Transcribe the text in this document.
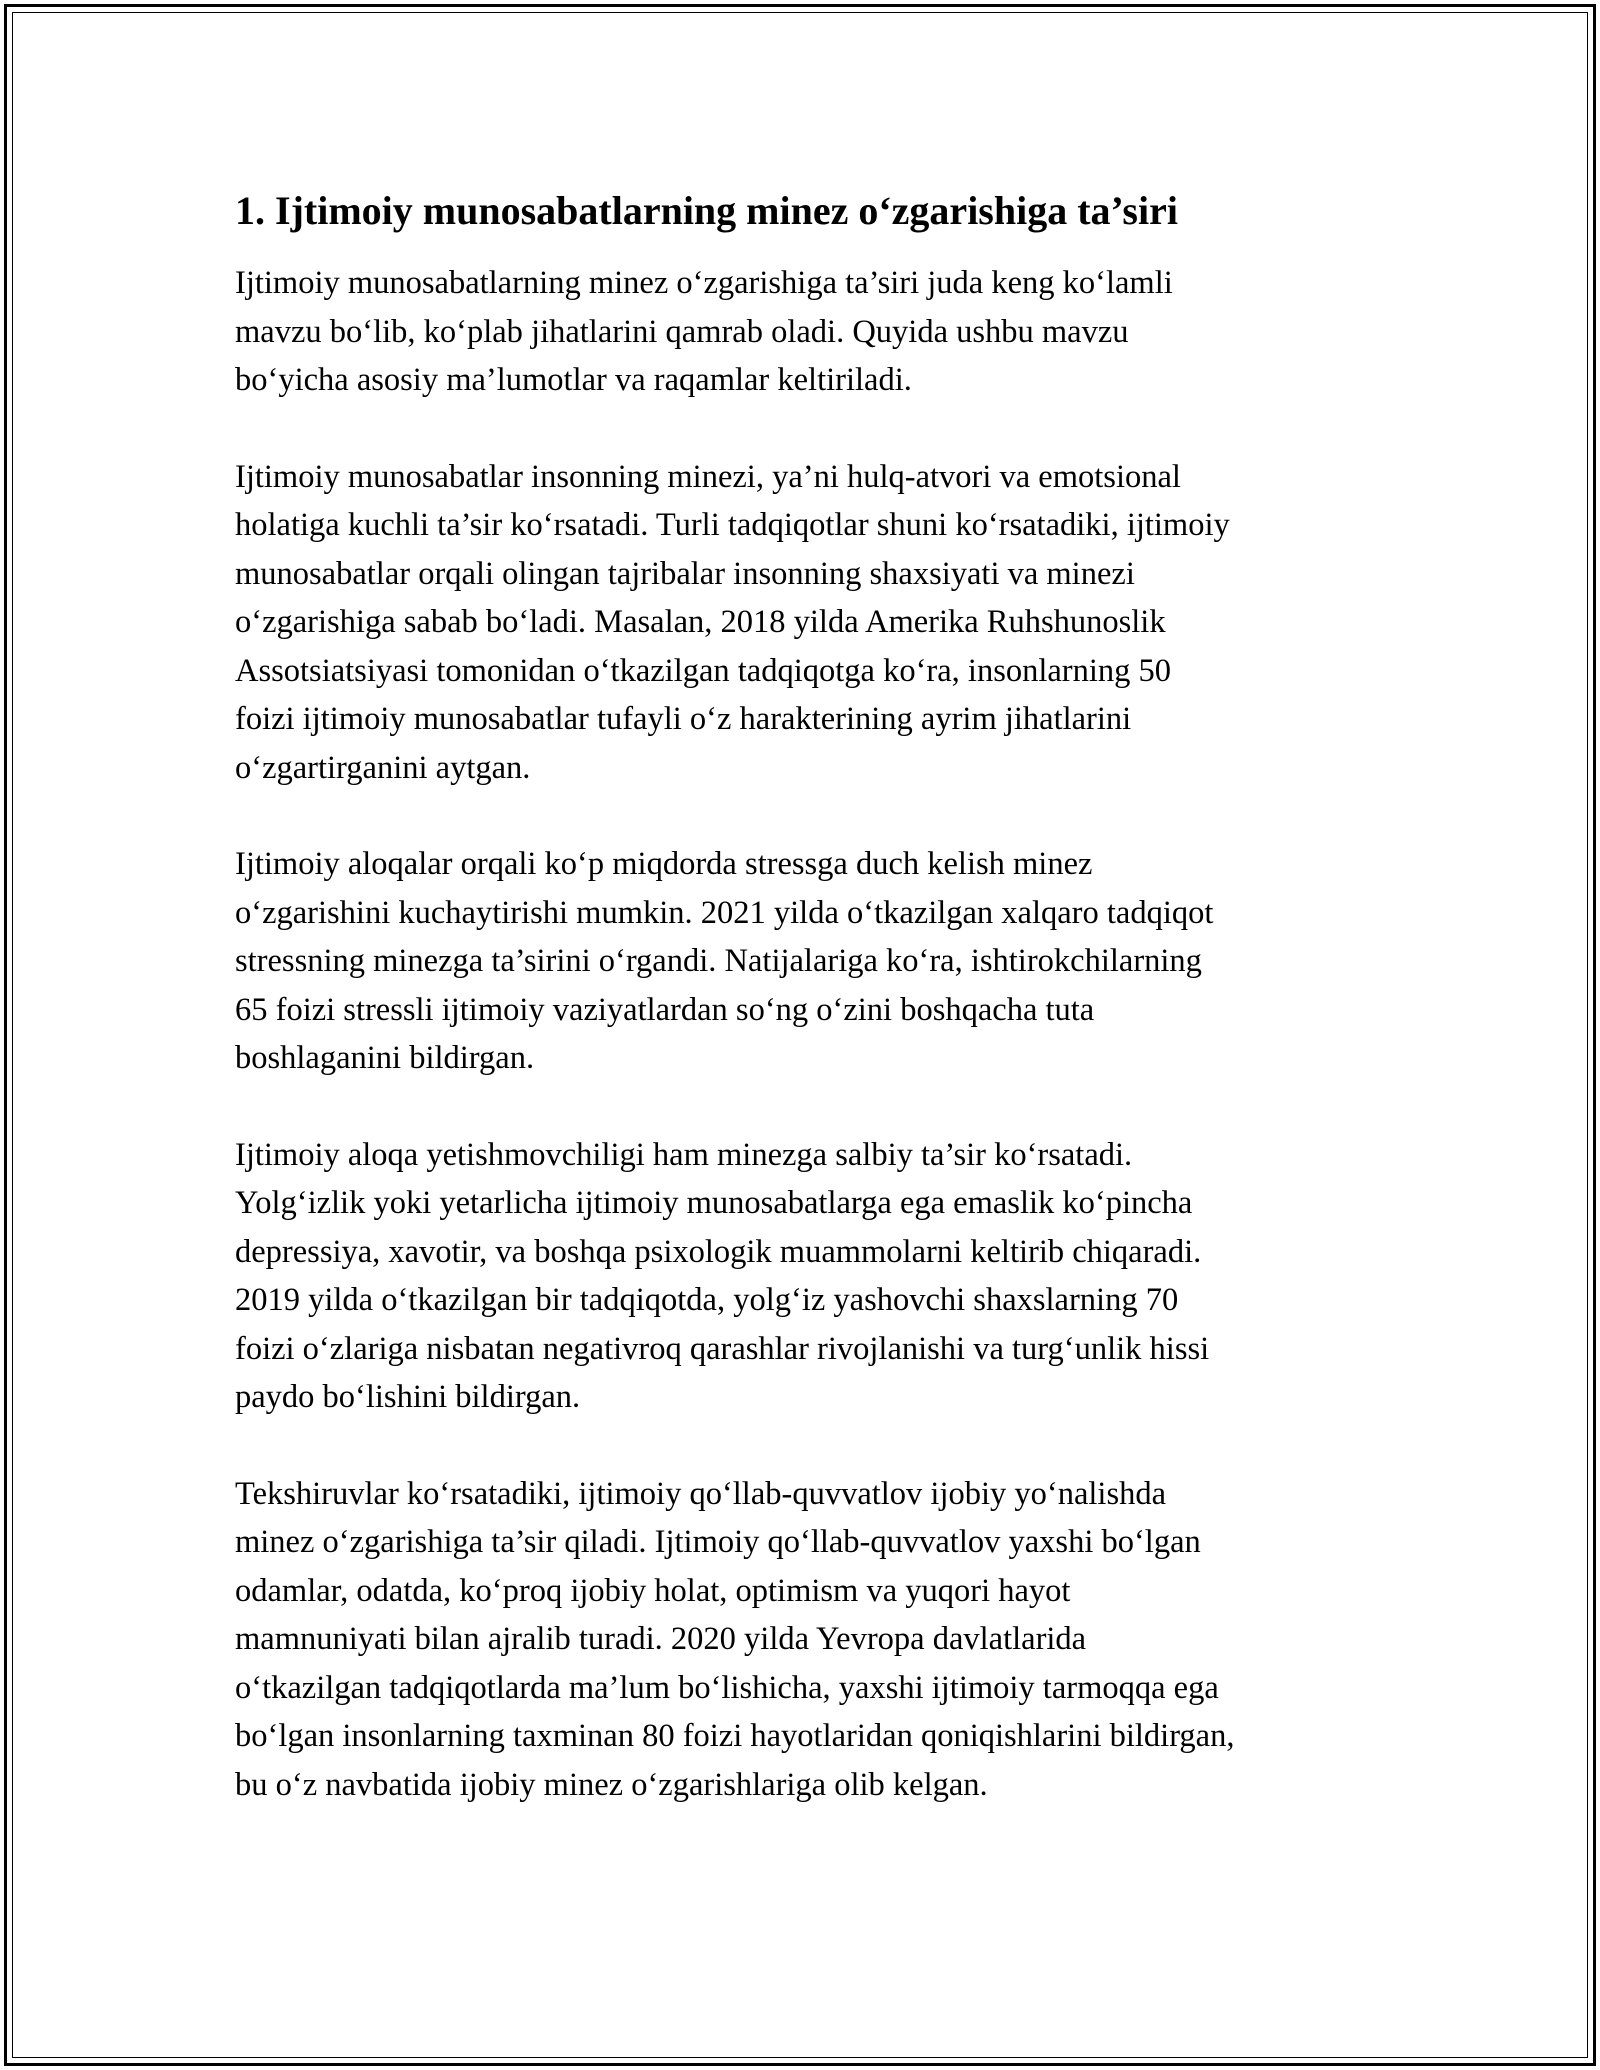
1. Ijtimoiy munosabatlarning minez o‘zgarishiga ta’siri

Ijtimoiy munosabatlarning minez o‘zgarishiga ta’siri juda keng ko‘lamli
mavzu bo‘lib, ko‘plab jihatlarini qamrab oladi. Quyida ushbu mavzu
bo‘yicha asosiy ma’lumotlar va raqamlar keltiriladi.

Ijtimoiy munosabatlar insonning minezi, ya’ni hulq-atvori va emotsional
holatiga kuchli ta’sir ko‘rsatadi. Turli tadqiqotlar shuni ko‘rsatadiki, ijtimoiy
munosabatlar orqali olingan tajribalar insonning shaxsiyati va minezi
o‘zgarishiga sabab bo‘ladi. Masalan, 2018 yilda Amerika Ruhshunoslik
Assotsiatsiyasi tomonidan o‘tkazilgan tadqiqotga ko‘ra, insonlarning 50
foizi ijtimoiy munosabatlar tufayli o‘z harakterining ayrim jihatlarini
o‘zgartirganini aytgan.

Ijtimoiy aloqalar orqali ko‘p miqdorda stressga duch kelish minez
o‘zgarishini kuchaytirishi mumkin. 2021 yilda o‘tkazilgan xalqaro tadqiqot
stressning minezga ta’sirini o‘rgandi. Natijalariga ko‘ra, ishtirokchilarning
65 foizi stressli ijtimoiy vaziyatlardan so‘ng o‘zini boshqacha tuta
boshlaganini bildirgan.

Ijtimoiy aloqa yetishmovchiligi ham minezga salbiy ta’sir ko‘rsatadi.
Yolg‘izlik yoki yetarlicha ijtimoiy munosabatlarga ega emaslik ko‘pincha
depressiya, xavotir, va boshqa psixologik muammolarni keltirib chiqaradi.
2019 yilda o‘tkazilgan bir tadqiqotda, yolg‘iz yashovchi shaxslarning 70
foizi o‘zlariga nisbatan negativroq qarashlar rivojlanishi va turg‘unlik hissi
paydo bo‘lishini bildirgan.

Tekshiruvlar ko‘rsatadiki, ijtimoiy qo‘llab-quvvatlov ijobiy yo‘nalishda
minez o‘zgarishiga ta’sir qiladi. Ijtimoiy qo‘llab-quvvatlov yaxshi bo‘lgan
odamlar, odatda, ko‘proq ijobiy holat, optimism va yuqori hayot
mamnuniyati bilan ajralib turadi. 2020 yilda Yevropa davlatlarida
o‘tkazilgan tadqiqotlarda ma’lum bo‘lishicha, yaxshi ijtimoiy tarmoqqa ega
bo‘lgan insonlarning taxminan 80 foizi hayotlaridan qoniqishlarini bildirgan,
bu o‘z navbatida ijobiy minez o‘zgarishlariga olib kelgan.
